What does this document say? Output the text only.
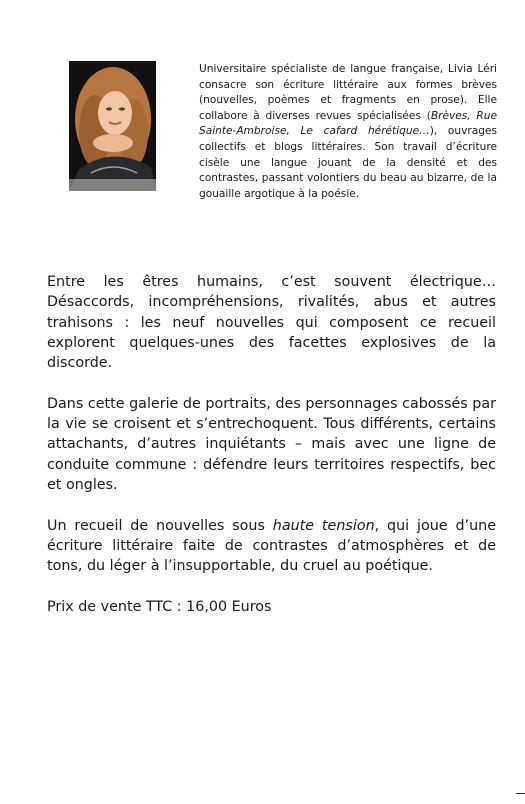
Universitaire spécialiste de langue française, Livia Léri consacre son écriture littéraire aux formes brèves (nouvelles, poèmes et fragments en prose). Elle collabore à diverses revues spécialisées (Brèves, Rue Sainte-Ambroise, Le cafard hérétique…), ouvrages collectifs et blogs littéraires. Son travail d’écriture cisèle une langue jouant de la densité et des contrastes, passant volontiers du beau au bizarre, de la gouaille argotique à la poésie.

Entre les êtres humains, c’est souvent électrique… Désaccords, incompréhensions, rivalités, abus et autres trahisons : les neuf nouvelles qui composent ce recueil explorent quelques-unes des facettes explosives de la discorde.

Dans cette galerie de portraits, des personnages cabossés par la vie se croisent et s’entrechoquent. Tous différents, certains attachants, d’autres inquiétants – mais avec une ligne de conduite commune : défendre leurs territoires respectifs, bec et ongles.

Un recueil de nouvelles sous haute tension, qui joue d’une écriture littéraire faite de contrastes d’atmosphères et de tons, du léger à l’insupportable, du cruel au poétique.

Prix de vente TTC : 16,00 Euros
